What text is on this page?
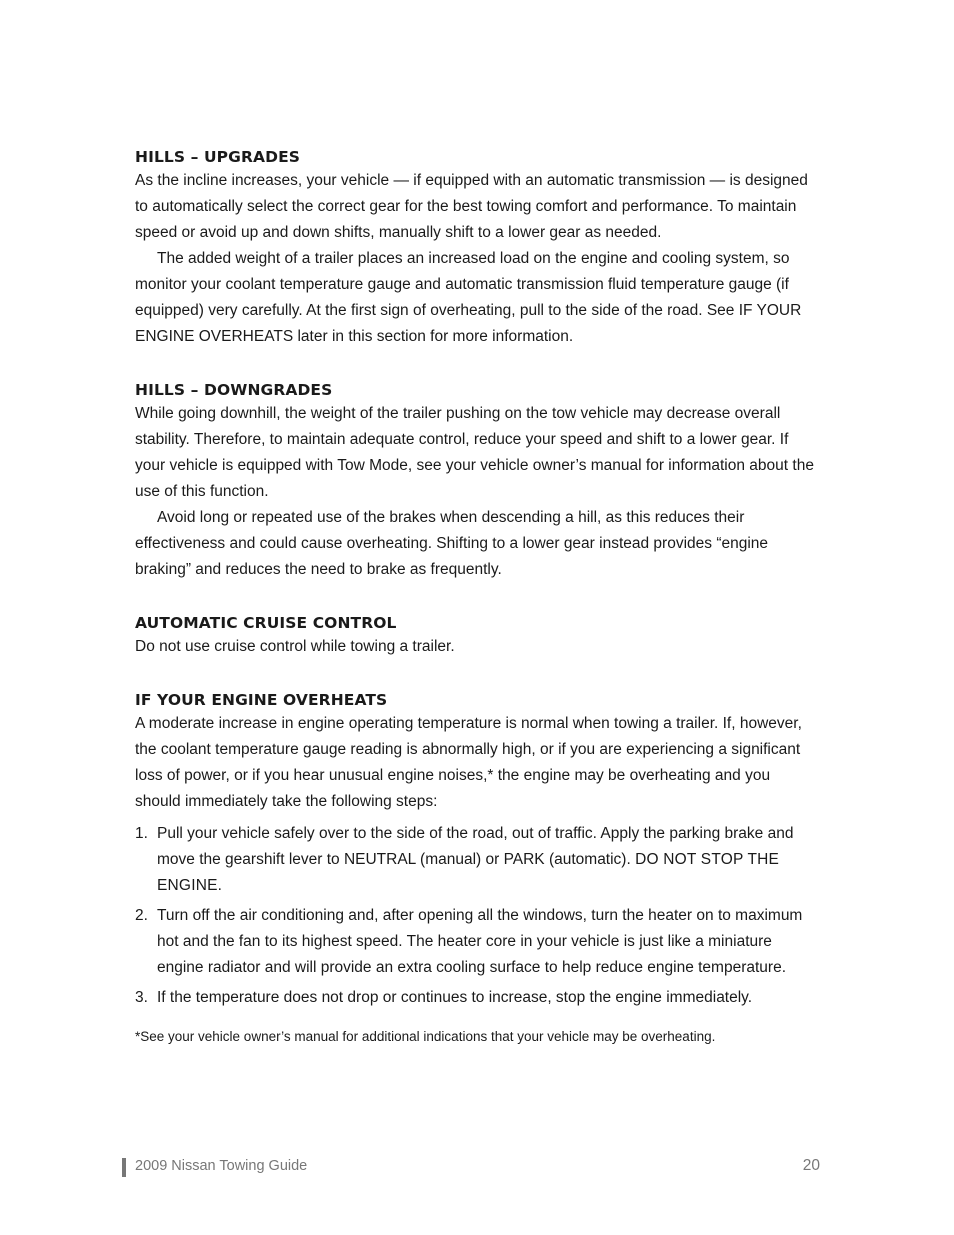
HILLS – UPGRADES

As the incline increases, your vehicle — if equipped with an automatic transmission — is designed to automatically select the correct gear for the best towing comfort and performance. To maintain speed or avoid up and down shifts, manually shift to a lower gear as needed.

The added weight of a trailer places an increased load on the engine and cooling system, so monitor your coolant temperature gauge and automatic transmission fluid temperature gauge (if equipped) very carefully. At the first sign of overheating, pull to the side of the road. See IF YOUR ENGINE OVERHEATS later in this section for more information.

HILLS – DOWNGRADES

While going downhill, the weight of the trailer pushing on the tow vehicle may decrease overall stability. Therefore, to maintain adequate control, reduce your speed and shift to a lower gear. If your vehicle is equipped with Tow Mode, see your vehicle owner’s manual for information about the use of this function.

Avoid long or repeated use of the brakes when descending a hill, as this reduces their effectiveness and could cause overheating. Shifting to a lower gear instead provides “engine braking” and reduces the need to brake as frequently.

AUTOMATIC CRUISE CONTROL

Do not use cruise control while towing a trailer.

IF YOUR ENGINE OVERHEATS

A moderate increase in engine operating temperature is normal when towing a trailer. If, however, the coolant temperature gauge reading is abnormally high, or if you are experiencing a significant loss of power, or if you hear unusual engine noises,* the engine may be overheating and you should immediately take the following steps:

1. Pull your vehicle safely over to the side of the road, out of traffic. Apply the parking brake and move the gearshift lever to NEUTRAL (manual) or PARK (automatic). DO NOT STOP THE ENGINE.
2. Turn off the air conditioning and, after opening all the windows, turn the heater on to maximum hot and the fan to its highest speed. The heater core in your vehicle is just like a miniature engine radiator and will provide an extra cooling surface to help reduce engine temperature.
3. If the temperature does not drop or continues to increase, stop the engine immediately.

*See your vehicle owner’s manual for additional indications that your vehicle may be overheating.

2009 Nissan Towing Guide	20
